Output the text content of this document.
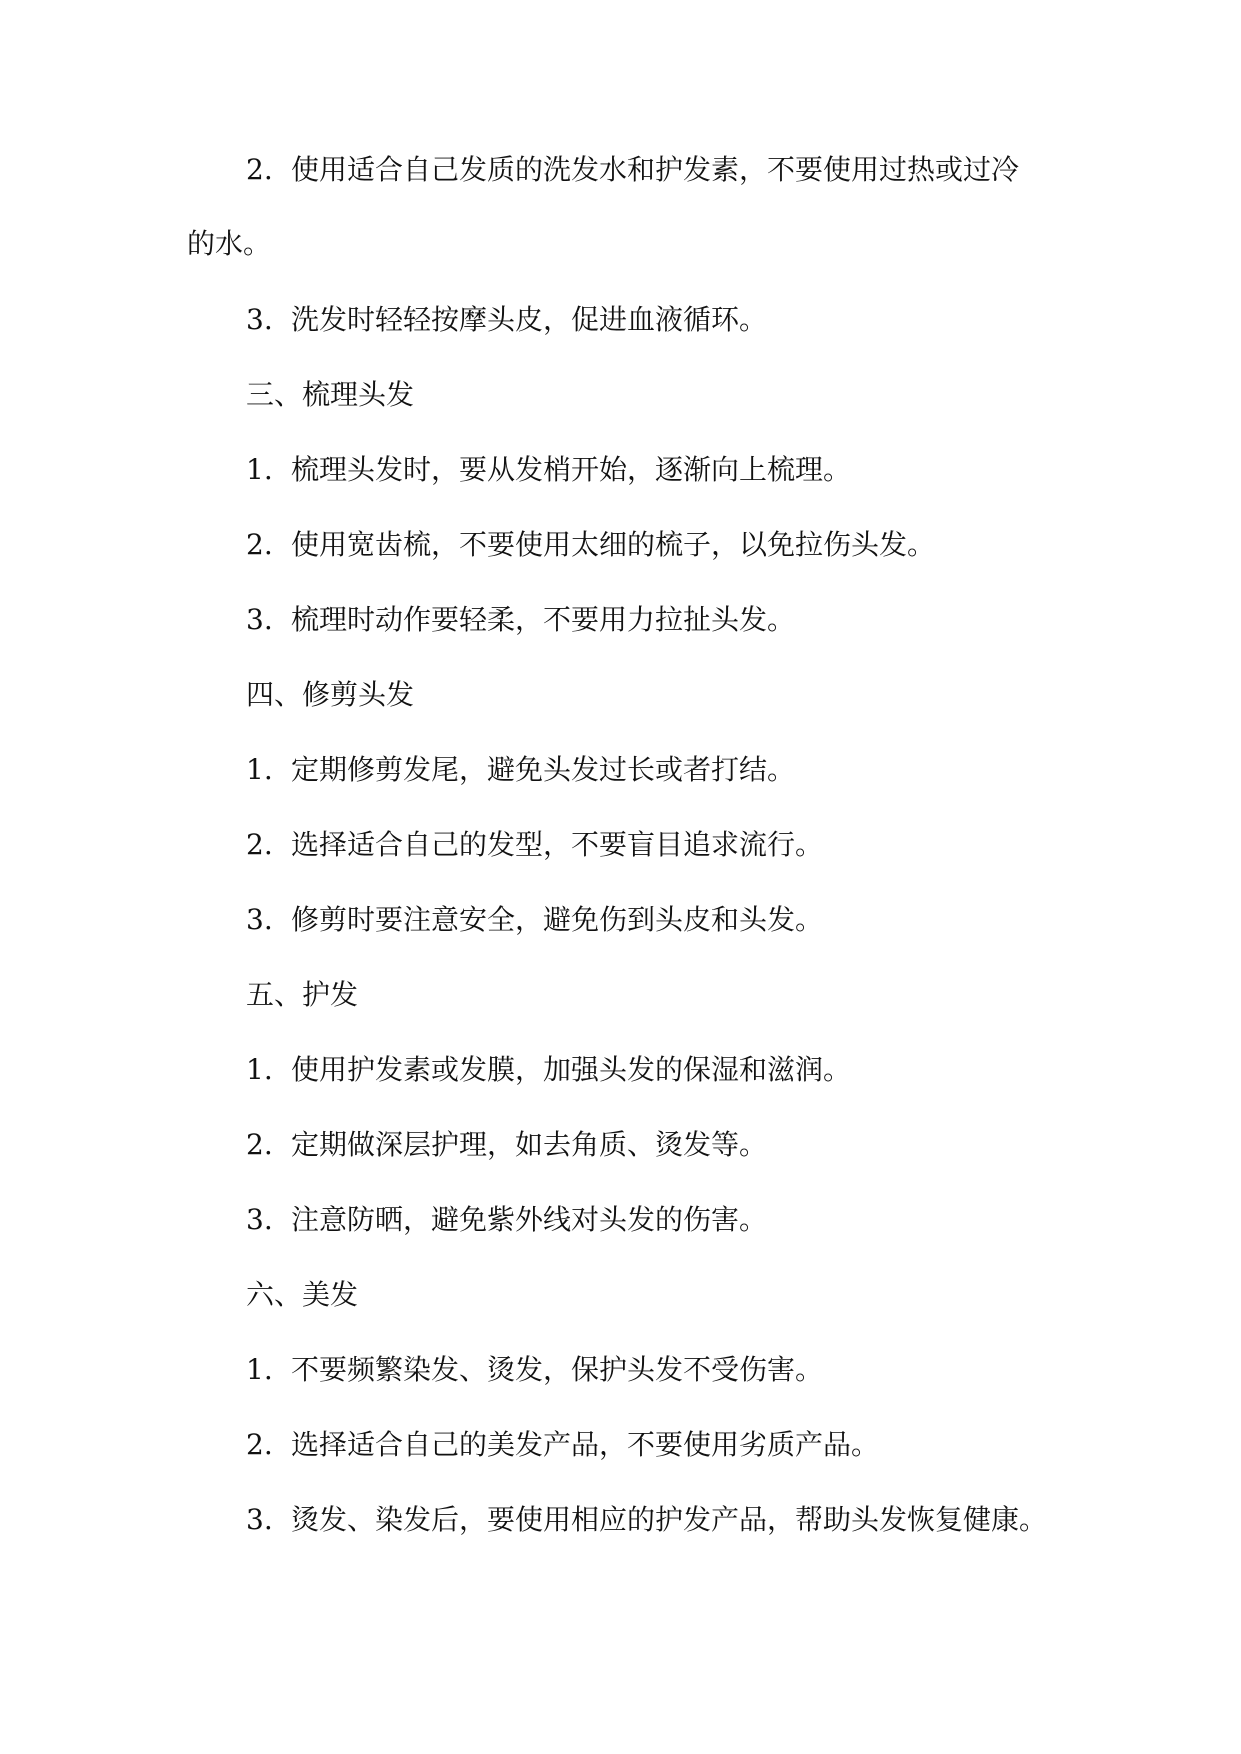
2. 使用适合自己发质的洗发水和护发素，不要使用过热或过冷
的水。
3. 洗发时轻轻按摩头皮，促进血液循环。
三、梳理头发
1. 梳理头发时，要从发梢开始，逐渐向上梳理。
2. 使用宽齿梳，不要使用太细的梳子，以免拉伤头发。
3. 梳理时动作要轻柔，不要用力拉扯头发。
四、修剪头发
1. 定期修剪发尾，避免头发过长或者打结。
2. 选择适合自己的发型，不要盲目追求流行。
3. 修剪时要注意安全，避免伤到头皮和头发。
五、护发
1. 使用护发素或发膜，加强头发的保湿和滋润。
2. 定期做深层护理，如去角质、烫发等。
3. 注意防晒，避免紫外线对头发的伤害。
六、美发
1. 不要频繁染发、烫发，保护头发不受伤害。
2. 选择适合自己的美发产品，不要使用劣质产品。
3. 烫发、染发后，要使用相应的护发产品，帮助头发恢复健康。
